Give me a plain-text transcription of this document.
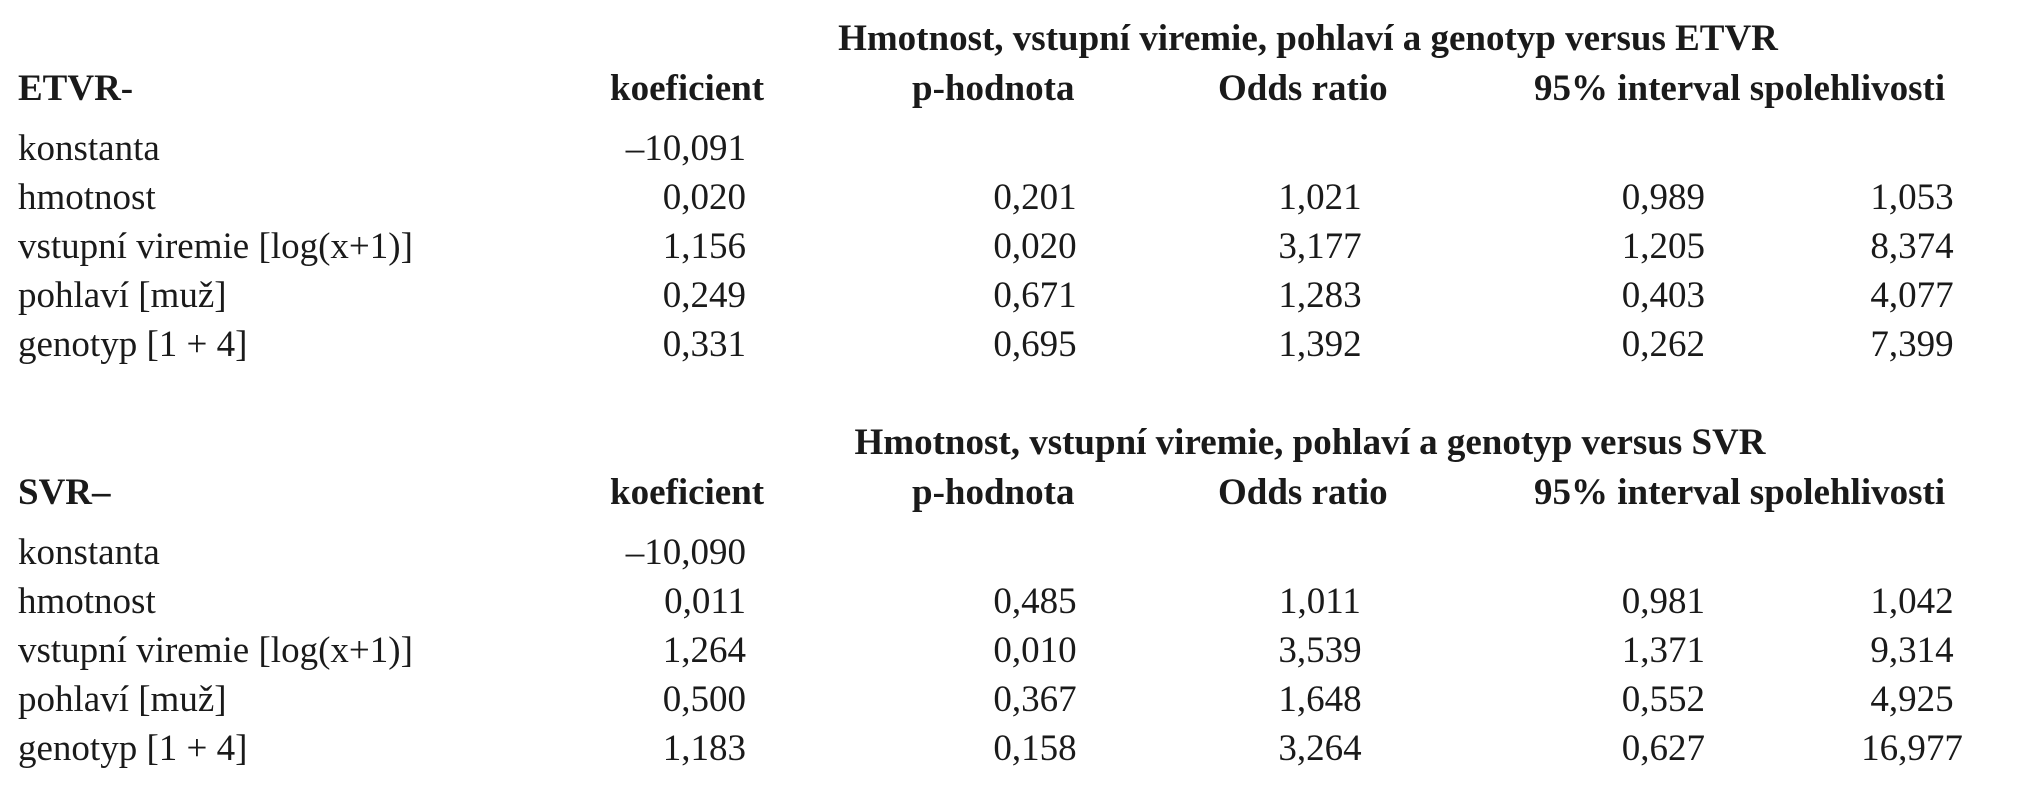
Hmotnost, vstupní viremie, pohlaví a genotyp versus ETVR
ETVR-	koeficient	p-hodnota	Odds ratio	95% interval spolehlivosti
konstanta	–10,091
hmotnost	0,020	0,201	1,021	0,989	1,053
vstupní viremie [log(x+1)]	1,156	0,020	3,177	1,205	8,374
pohlaví [muž]	0,249	0,671	1,283	0,403	4,077
genotyp [1 + 4]	0,331	0,695	1,392	0,262	7,399
Hmotnost, vstupní viremie, pohlaví a genotyp versus SVR
SVR–	koeficient	p-hodnota	Odds ratio	95% interval spolehlivosti
konstanta	–10,090
hmotnost	0,011	0,485	1,011	0,981	1,042
vstupní viremie [log(x+1)]	1,264	0,010	3,539	1,371	9,314
pohlaví [muž]	0,500	0,367	1,648	0,552	4,925
genotyp [1 + 4]	1,183	0,158	3,264	0,627	16,977
